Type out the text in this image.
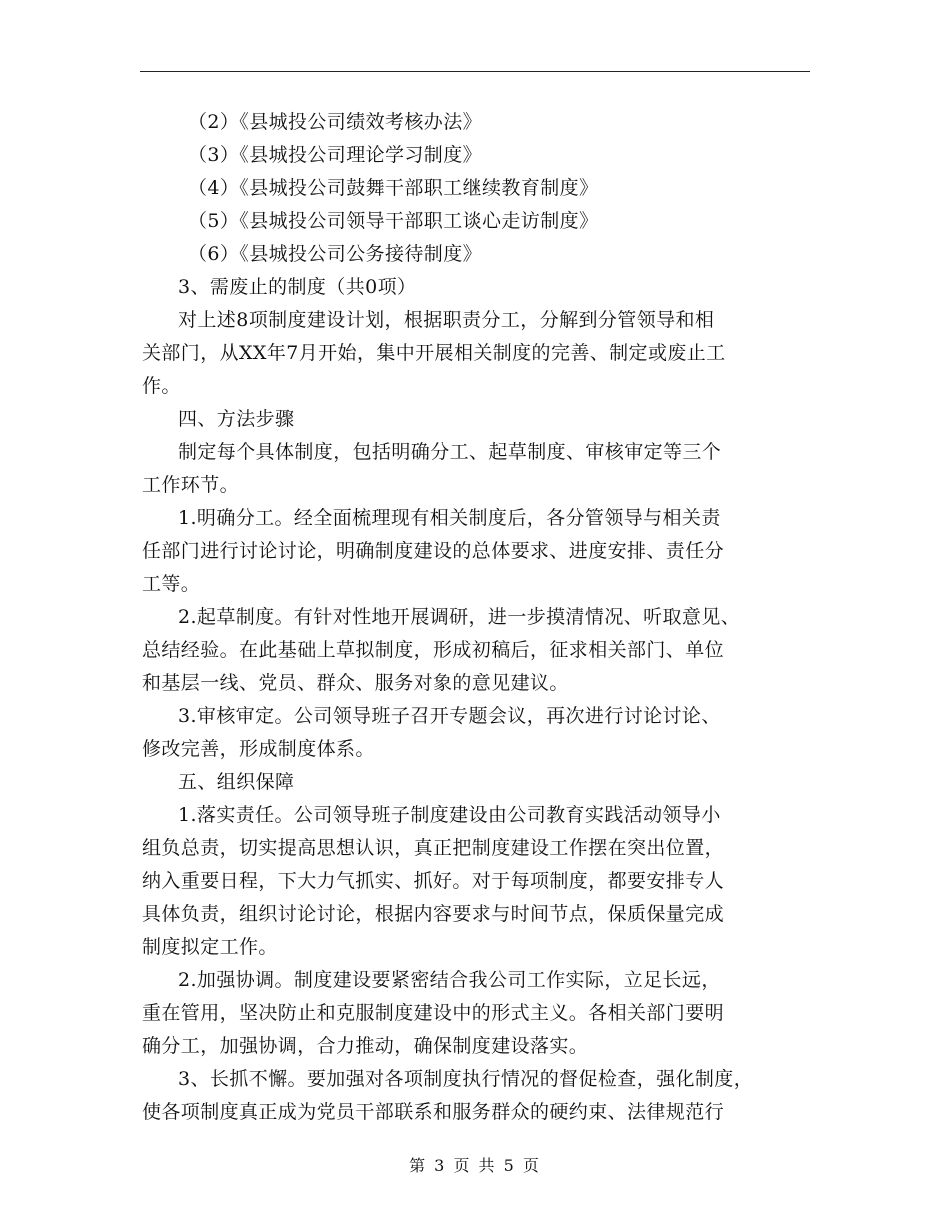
（2）《县城投公司绩效考核办法》
（3）《县城投公司理论学习制度》
（4）《县城投公司鼓舞干部职工继续教育制度》
（5）《县城投公司领导干部职工谈心走访制度》
（6）《县城投公司公务接待制度》
3、需废止的制度（共0项）
对上述8项制度建设计划，根据职责分工，分解到分管领导和相
关部门，从XX年7月开始，集中开展相关制度的完善、制定或废止工
作。
四、方法步骤
制定每个具体制度，包括明确分工、起草制度、审核审定等三个
工作环节。
1.明确分工。经全面梳理现有相关制度后，各分管领导与相关责
任部门进行讨论讨论，明确制度建设的总体要求、进度安排、责任分
工等。
2.起草制度。有针对性地开展调研，进一步摸清情况、听取意见、
总结经验。在此基础上草拟制度，形成初稿后，征求相关部门、单位
和基层一线、党员、群众、服务对象的意见建议。
3.审核审定。公司领导班子召开专题会议，再次进行讨论讨论、
修改完善，形成制度体系。
五、组织保障
1.落实责任。公司领导班子制度建设由公司教育实践活动领导小
组负总责，切实提高思想认识，真正把制度建设工作摆在突出位置，
纳入重要日程，下大力气抓实、抓好。对于每项制度，都要安排专人
具体负责，组织讨论讨论，根据内容要求与时间节点，保质保量完成
制度拟定工作。
2.加强协调。制度建设要紧密结合我公司工作实际，立足长远，
重在管用，坚决防止和克服制度建设中的形式主义。各相关部门要明
确分工，加强协调，合力推动，确保制度建设落实。
3、长抓不懈。要加强对各项制度执行情况的督促检查，强化制度，
使各项制度真正成为党员干部联系和服务群众的硬约束、法律规范行
第 3 页 共 5 页
